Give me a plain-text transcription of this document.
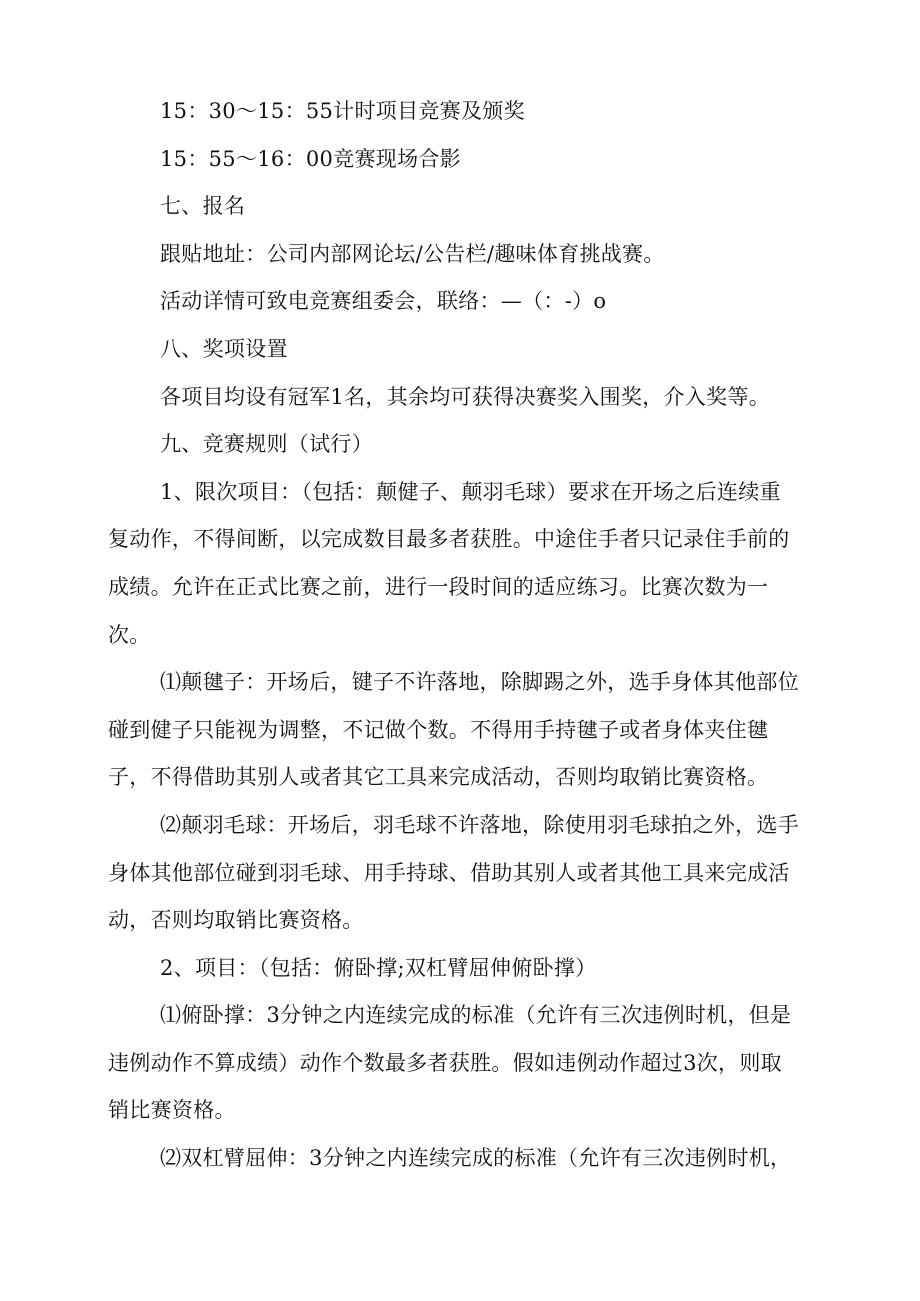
15：30～15：55计时项目竞赛及颁奖
15：55～16：00竞赛现场合影
七、报名
跟贴地址：公司内部网论坛/公告栏/趣味体育挑战赛。
活动详情可致电竞赛组委会，联络：—（：-）o
八、奖项设置
各项目均设有冠军1名，其余均可获得决赛奖入围奖，介入奖等。
九、竞赛规则（试行）
1、限次项目：（包括：颠健子、颠羽毛球）要求在开场之后连续重
复动作，不得间断，以完成数目最多者获胜。中途住手者只记录住手前的
成绩。允许在正式比赛之前，进行一段时间的适应练习。比赛次数为一
次。
⑴颠毽子：开场后，键子不许落地，除脚踢之外，选手身体其他部位
碰到健子只能视为调整，不记做个数。不得用手持毽子或者身体夹住毽
子，不得借助其别人或者其它工具来完成活动，否则均取销比赛资格。
⑵颠羽毛球：开场后，羽毛球不许落地，除使用羽毛球拍之外，选手
身体其他部位碰到羽毛球、用手持球、借助其别人或者其他工具来完成活
动，否则均取销比赛资格。
2、项目：（包括：俯卧撑;双杠臂屈伸俯卧撑）
⑴俯卧撑：3分钟之内连续完成的标准（允许有三次违例时机，但是
违例动作不算成绩）动作个数最多者获胜。假如违例动作超过3次，则取
销比赛资格。
⑵双杠臂屈伸：3分钟之内连续完成的标准（允许有三次违例时机，
